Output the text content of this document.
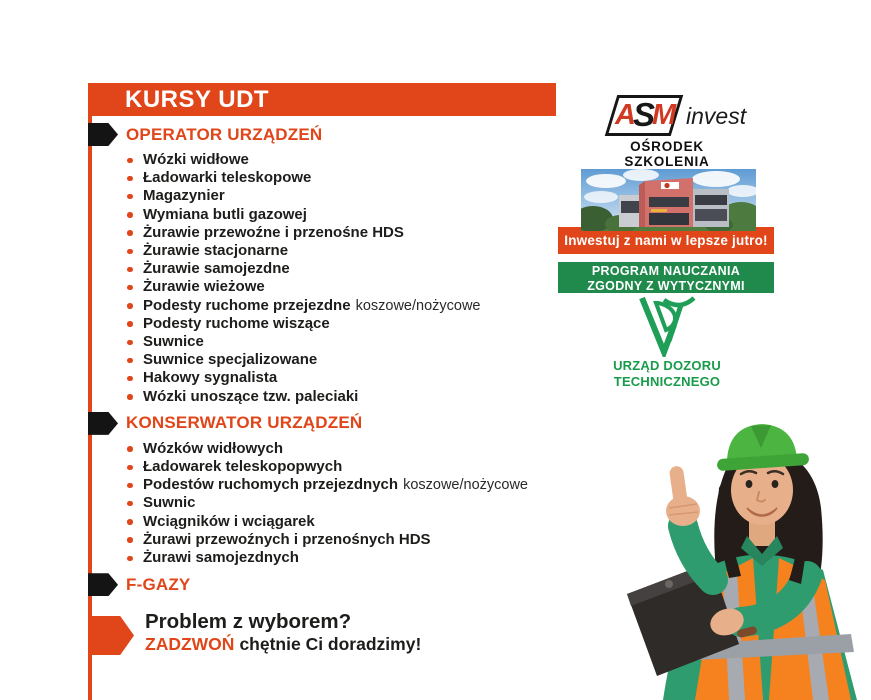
KURSY UDT
OPERATOR URZĄDZEŃ
Wózki widłowe
Ładowarki teleskopowe
Magazynier
Wymiana butli gazowej
Żurawie przewoźne i przenośne HDS
Żurawie stacjonarne
Żurawie samojezdne
Żurawie wieżowe
Podesty ruchome przejezdne koszowe/nożycowe
Podesty ruchome wiszące
Suwnice
Suwnice specjalizowane
Hakowy sygnalista
Wózki unoszące tzw. paleciaki
KONSERWATOR URZĄDZEŃ
Wózków widłowych
Ładowarek teleskopopwych
Podestów ruchomych przejezdnych koszowe/nożycowe
Suwnic
Wciągników i wciągarek
Żurawi przewoźnych i przenośnych HDS
Żurawi samojezdnych
F-GAZY
Problem z wyborem?
ZADZWOŃ chętnie Ci doradzimy!
ASM invest
OŚRODEK SZKOLENIA
Inwestuj z nami w lepsze jutro!
PROGRAM NAUCZANIA
ZGODNY Z WYTYCZNYMI
URZĄD DOZORU
TECHNICZNEGO
